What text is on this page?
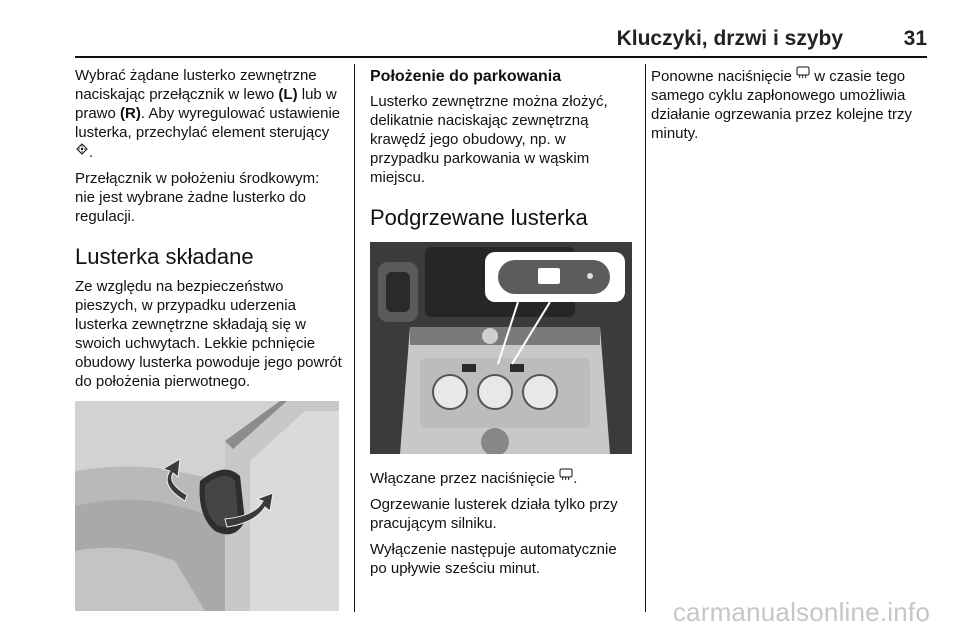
Kluczyki, drzwi i szyby	31

Wybrać żądane lusterko zewnętrzne naciskając przełącznik w lewo (L) lub w prawo (R). Aby wyregulować ustawienie lusterka, przechylać element sterujący .

Przełącznik w położeniu środkowym: nie jest wybrane żadne lusterko do regulacji.

Lusterka składane

Ze względu na bezpieczeństwo pieszych, w przypadku uderzenia lusterka zewnętrzne składają się w swoich uchwytach. Lekkie pchnięcie obudowy lusterka powoduje jego powrót do położenia pierwotnego.

Położenie do parkowania

Lusterko zewnętrzne można złożyć, delikatnie naciskając zewnętrzną krawędź jego obudowy, np. w przypadku parkowania w wąskim miejscu.

Podgrzewane lusterka

Włączane przez naciśnięcie .

Ogrzewanie lusterek działa tylko przy pracującym silniku.

Wyłączenie następuje automatycznie po upływie sześciu minut.

Ponowne naciśnięcie  w czasie tego samego cyklu zapłonowego umożliwia działanie ogrzewania przez kolejne trzy minuty.

carmanualsonline.info
